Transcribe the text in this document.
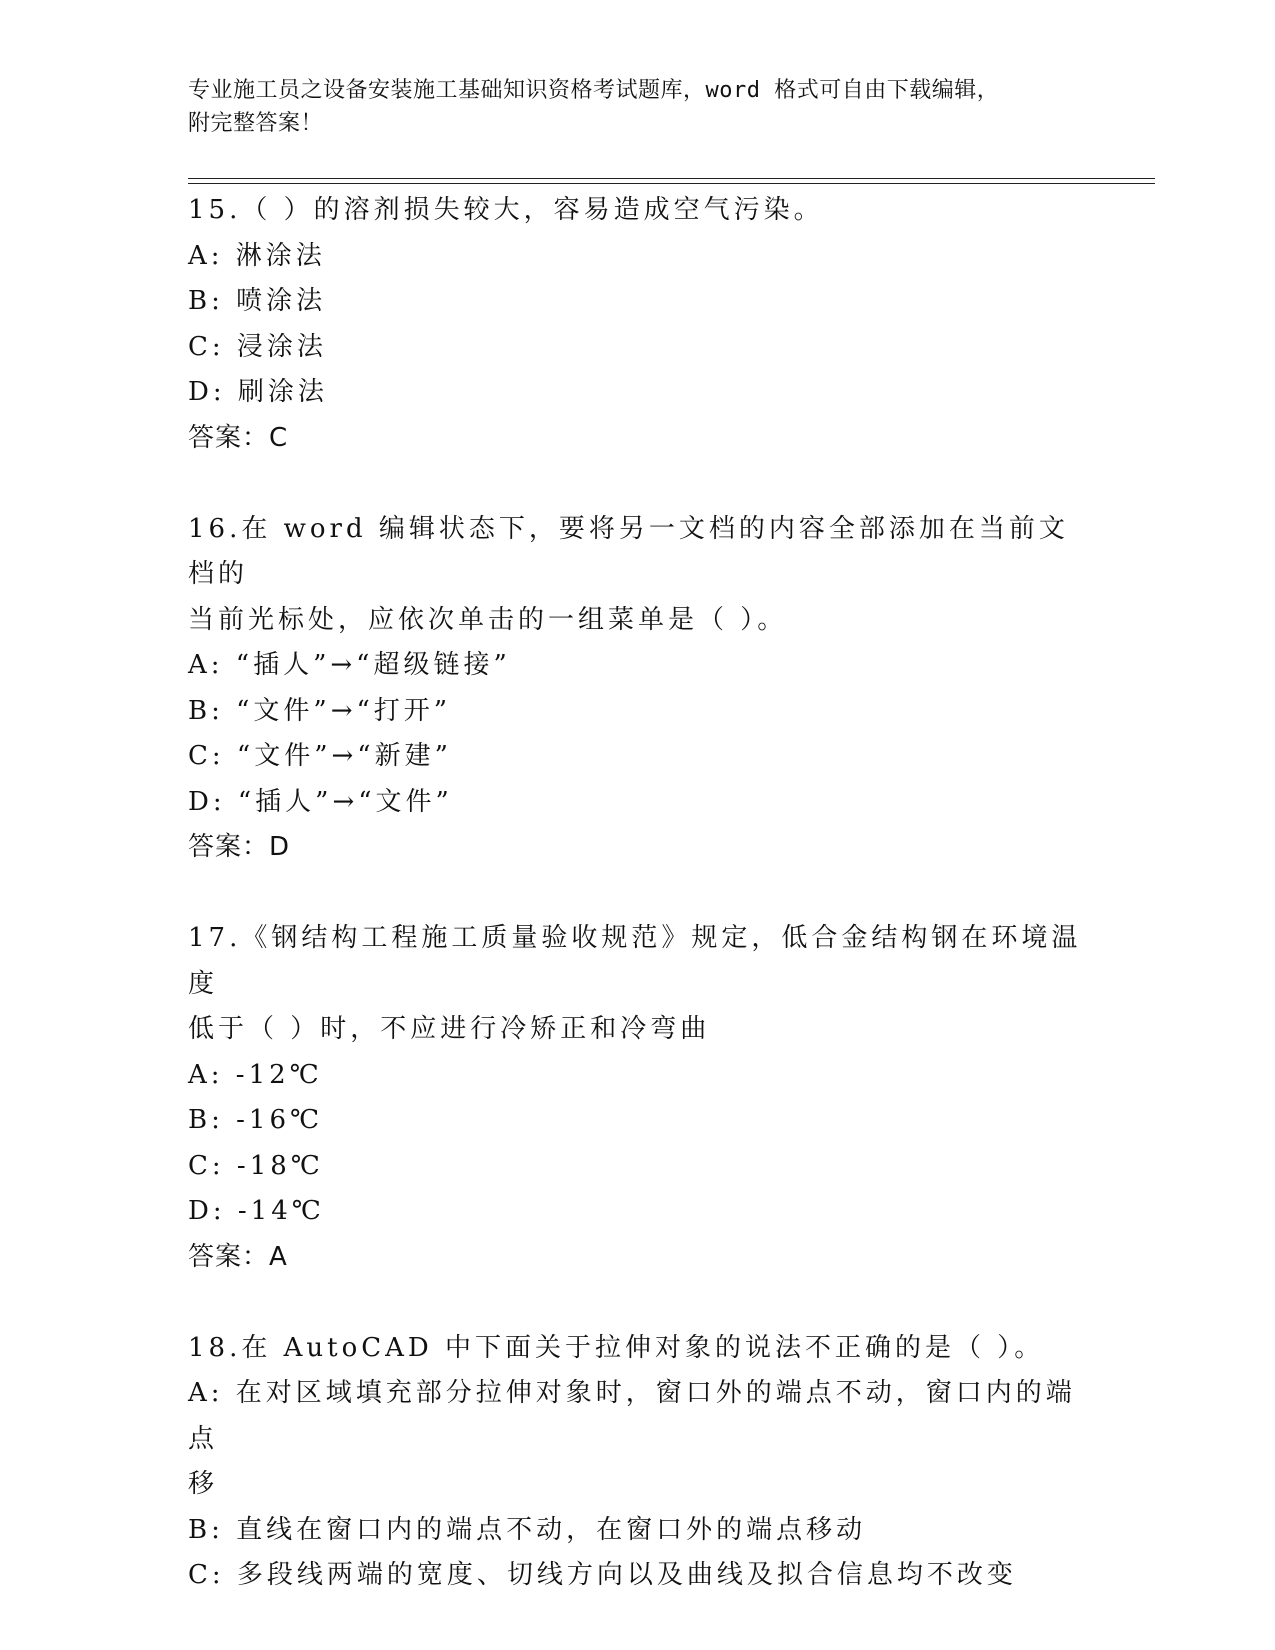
专业施工员之设备安装施工基础知识资格考试题库，word 格式可自由下载编辑，
附完整答案！

15.（ ）的溶剂损失较大，容易造成空气污染。

A: 淋涂法

B: 喷涂法

C: 浸涂法

D: 刷涂法

答案：C

16.在 word 编辑状态下，要将另一文档的内容全部添加在当前文档的

当前光标处，应依次单击的一组菜单是（ ）。

A: “插人”→“超级链接”

B: “文件”→“打开”

C: “文件”→“新建”

D: “插人”→“文件”

答案：D

17.《钢结构工程施工质量验收规范》规定，低合金结构钢在环境温度

低于（ ）时，不应进行冷矫正和冷弯曲

A: -12℃

B: -16℃

C: -18℃

D: -14℃

答案：A

18.在 AutoCAD 中下面关于拉伸对象的说法不正确的是（ ）。

A: 在对区域填充部分拉伸对象时，窗口外的端点不动，窗口内的端点

移

B: 直线在窗口内的端点不动，在窗口外的端点移动

C: 多段线两端的宽度、切线方向以及曲线及拟合信息均不改变
